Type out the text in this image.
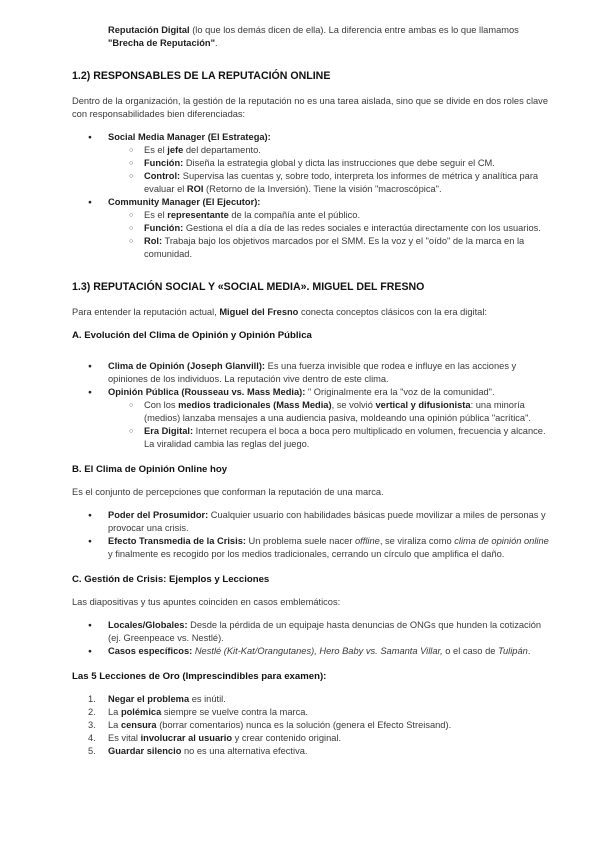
Reputación Digital (lo que los demás dicen de ella). La diferencia entre ambas es lo que llamamos "Brecha de Reputación".

1.2) RESPONSABLES DE LA REPUTACIÓN ONLINE

Dentro de la organización, la gestión de la reputación no es una tarea aislada, sino que se divide en dos roles clave con responsabilidades bien diferenciadas:

● Social Media Manager (El Estratega):
○ Es el jefe del departamento.
○ Función: Diseña la estrategia global y dicta las instrucciones que debe seguir el CM.
○ Control: Supervisa las cuentas y, sobre todo, interpreta los informes de métrica y analítica para evaluar el ROI (Retorno de la Inversión). Tiene la visión "macroscópica".
● Community Manager (El Ejecutor):
○ Es el representante de la compañía ante el público.
○ Función: Gestiona el día a día de las redes sociales e interactúa directamente con los usuarios.
○ Rol: Trabaja bajo los objetivos marcados por el SMM. Es la voz y el "oído" de la marca en la comunidad.
1.3) REPUTACIÓN SOCIAL Y «SOCIAL MEDIA». MIGUEL DEL FRESNO

Para entender la reputación actual, Miguel del Fresno conecta conceptos clásicos con la era digital:

A. Evolución del Clima de Opinión y Opinión Pública
● Clima de Opinión (Joseph Glanvill): Es una fuerza invisible que rodea e influye en las acciones y opiniones de los individuos. La reputación vive dentro de este clima.
● Opinión Pública (Rousseau vs. Mass Media): " Originalmente era la "voz de la comunidad".
○ Con los medios tradicionales (Mass Media), se volvió vertical y difusionista: una minoría (medios) lanzaba mensajes a una audiencia pasiva, moldeando una opinión pública "acrítica".
○ Era Digital: Internet recupera el boca a boca pero multiplicado en volumen, frecuencia y alcance. La viralidad cambia las reglas del juego.
B. El Clima de Opinión Online hoy

Es el conjunto de percepciones que conforman la reputación de una marca.

● Poder del Prosumidor: Cualquier usuario con habilidades básicas puede movilizar a miles de personas y provocar una crisis.
● Efecto Transmedia de la Crisis: Un problema suele nacer offline, se viraliza como clima de opinión online y finalmente es recogido por los medios tradicionales, cerrando un círculo que amplifica el daño.
C. Gestión de Crisis: Ejemplos y Lecciones

Las diapositivas y tus apuntes coinciden en casos emblemáticos:

● Locales/Globales: Desde la pérdida de un equipaje hasta denuncias de ONGs que hunden la cotización (ej. Greenpeace vs. Nestlé).
● Casos específicos: Nestlé (Kit-Kat/Orangutanes), Hero Baby vs. Samanta Villar, o el caso de Tulipán.
Las 5 Lecciones de Oro (Imprescindibles para examen):
1. Negar el problema es inútil.
2. La polémica siempre se vuelve contra la marca.
3. La censura (borrar comentarios) nunca es la solución (genera el Efecto Streisand).
4. Es vital involucrar al usuario y crear contenido original.
5. Guardar silencio no es una alternativa efectiva.
